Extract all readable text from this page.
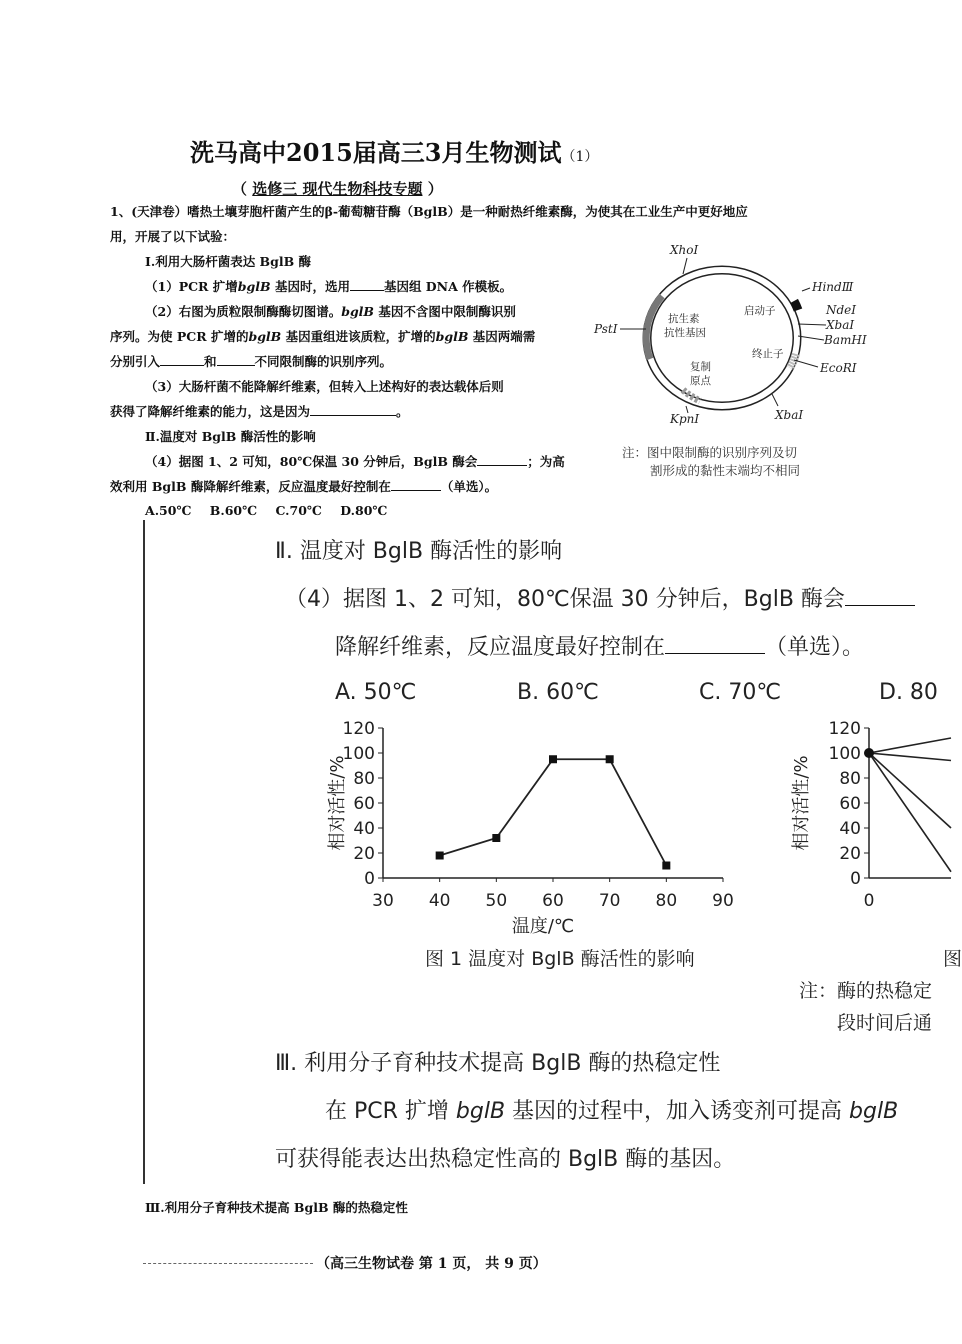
洗马高中2015届高三3月生物测试（1）
（ 选修三 现代生物科技专题 ）
1、(天津卷）嗜热土壤芽胞杆菌产生的β-葡萄糖苷酶（BglB）是一种耐热纤维素酶，为使其在工业生产中更好地应
用，开展了以下试验：
Ⅰ.利用大肠杆菌表达 BglB 酶
（1）PCR 扩增bglB 基因时，选用	基因组 DNA 作模板。
（2）右图为质粒限制酶酶切图谱。bglB 基因不含图中限制酶识别
序列。为使 PCR 扩增的bglB 基因重组进该质粒，扩增的bglB 基因两端需
分别引入	和	不同限制酶的识别序列。
（3）大肠杆菌不能降解纤维素，但转入上述构好的表达载体后则
获得了降解纤维素的能力，这是因为	。
Ⅱ.温度对 BglB 酶活性的影响
（4）据图 1、2 可知，80℃保温 30 分钟后，BglB 酶会	；为高
效利用 BglB 酶降解纤维素，反应温度最好控制在	（单选）。
A.50℃ B.60℃ C.70℃ D.80℃
XhoⅠ
HindⅢ
NdeⅠ
XbaⅠ
BamHⅠ
EcoRⅠ
XbaⅠ
KpnⅠ
PstⅠ
启动子
终止子
抗生素
抗性基因
复制
原点
注：图中限制酶的识别序列及切
割形成的黏性末端均不相同
Ⅱ. 温度对 BglB 酶活性的影响
（4）据图 1、2 可知，80℃保温 30 分钟后，BglB 酶会
降解纤维素，反应温度最好控制在	（单选）。
A. 50℃	B. 60℃	C. 70℃	D. 80
0
20
40
60
80
100
120
30 40 50 60 70 80 90
温度/℃
相对活性/%
图 1 温度对 BglB 酶活性的影响
0
20
40
60
80
100
120
0
相对活性/%
图
注：酶的热稳定
段时间后通
Ⅲ. 利用分子育种技术提高 BglB 酶的热稳定性
在 PCR 扩增 bglB 基因的过程中，加入诱变剂可提高 bglB
可获得能表达出热稳定性高的 BglB 酶的基因。
Ⅲ.利用分子育种技术提高 BglB 酶的热稳定性
（高三生物试卷 第 1 页， 共 9 页）
